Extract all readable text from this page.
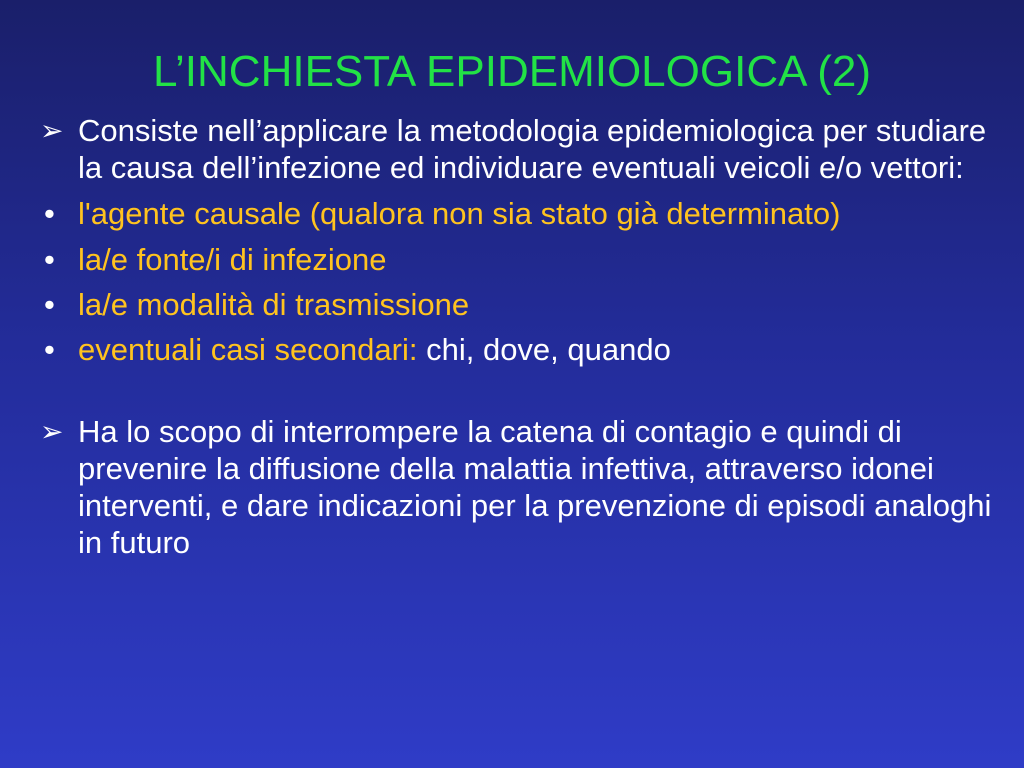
L’INCHIESTA EPIDEMIOLOGICA (2)
➢ Consiste nell’applicare la metodologia epidemiologica per studiare la causa dell’infezione ed individuare eventuali veicoli e/o vettori:
• l'agente causale (qualora non sia stato già determinato)
• la/e fonte/i di infezione
• la/e modalità di trasmissione
• eventuali casi secondari: chi, dove, quando
➢ Ha lo scopo di interrompere la catena di contagio e quindi di prevenire la diffusione della malattia infettiva, attraverso idonei interventi, e dare indicazioni per la prevenzione di episodi analoghi in futuro
